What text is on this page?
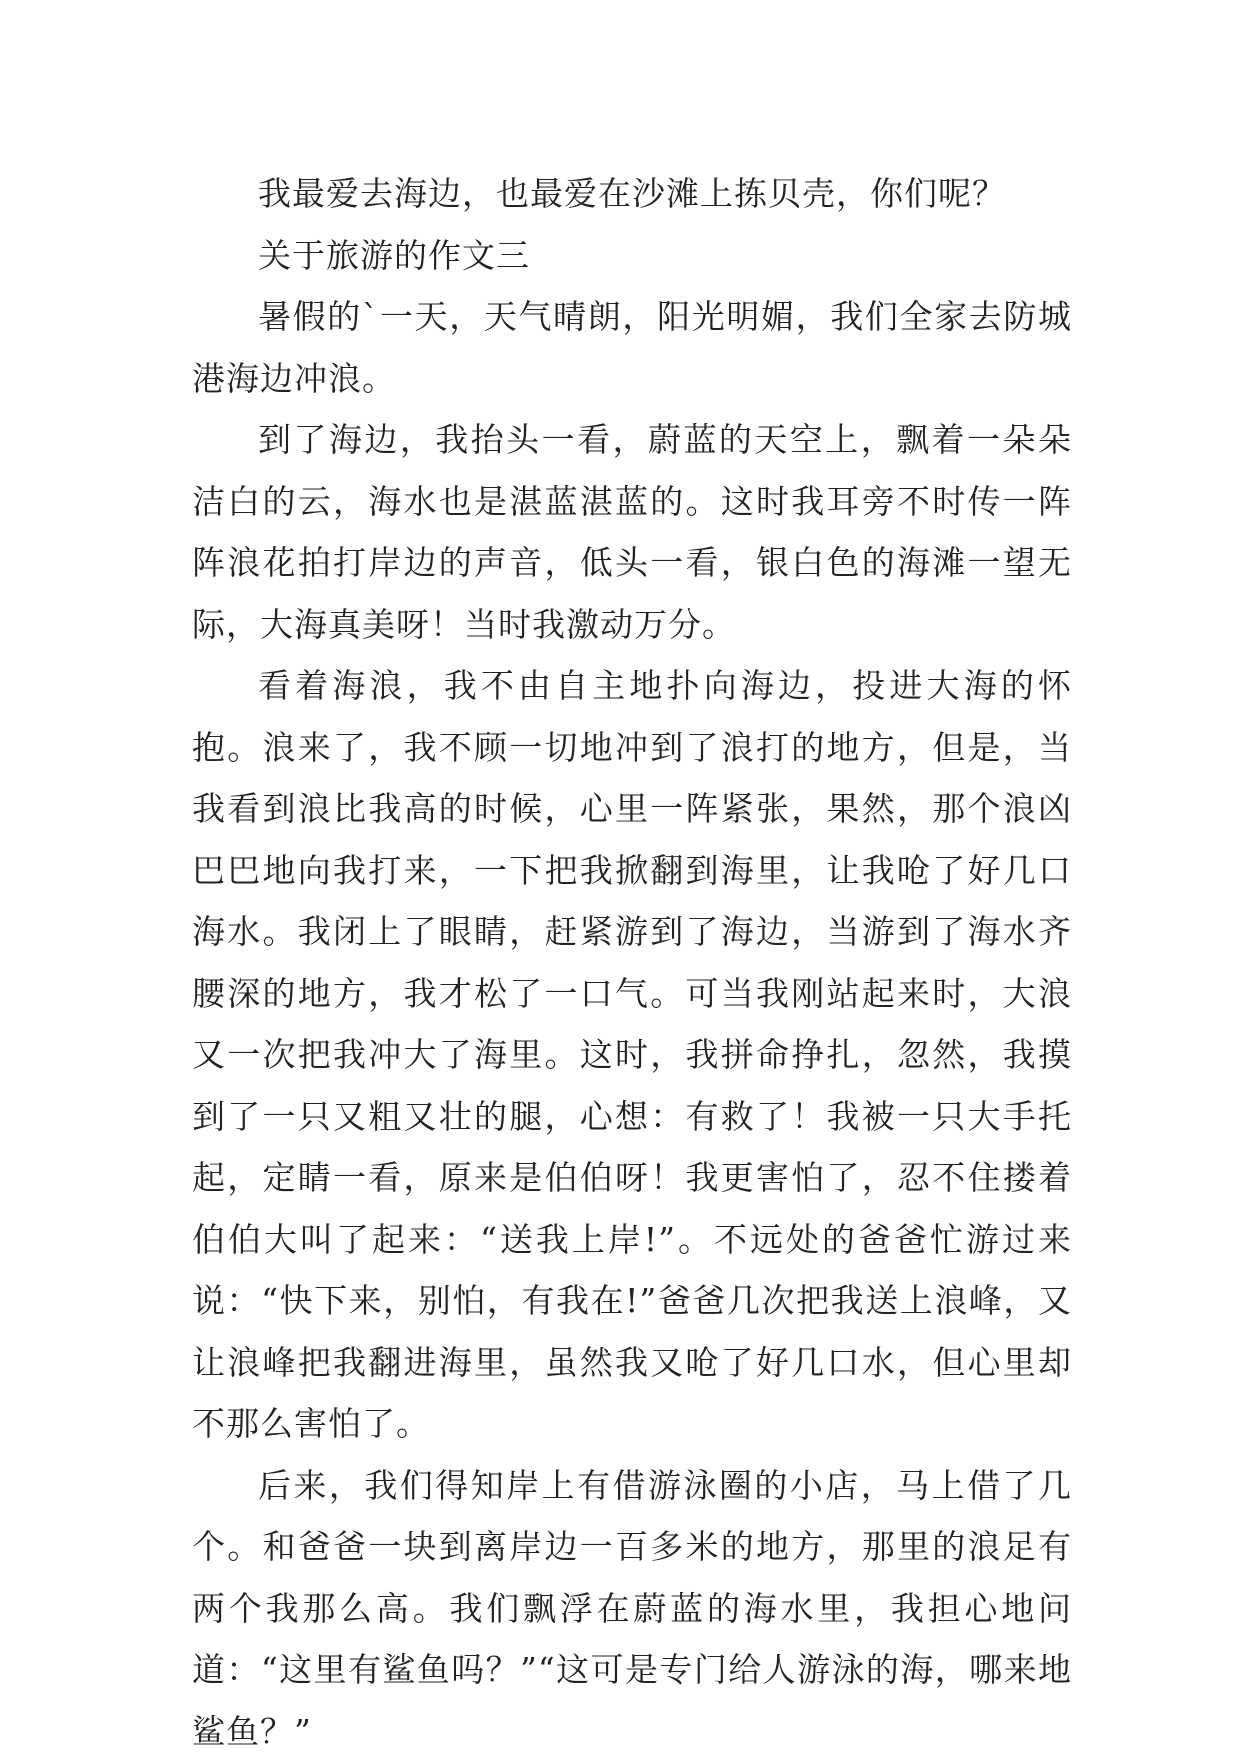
我最爱去海边，也最爱在沙滩上拣贝壳，你们呢？

关于旅游的作文三

暑假的`一天，天气晴朗，阳光明媚，我们全家去防城港海边冲浪。

到了海边，我抬头一看，蔚蓝的天空上，飘着一朵朵洁白的云，海水也是湛蓝湛蓝的。这时我耳旁不时传一阵阵浪花拍打岸边的声音，低头一看，银白色的海滩一望无际，大海真美呀！当时我激动万分。

看着海浪，我不由自主地扑向海边，投进大海的怀抱。浪来了，我不顾一切地冲到了浪打的地方，但是，当我看到浪比我高的时候，心里一阵紧张，果然，那个浪凶巴巴地向我打来，一下把我掀翻到海里，让我呛了好几口海水。我闭上了眼睛，赶紧游到了海边，当游到了海水齐腰深的地方，我才松了一口气。可当我刚站起来时，大浪又一次把我冲大了海里。这时，我拼命挣扎，忽然，我摸到了一只又粗又壮的腿，心想：有救了！我被一只大手托起，定睛一看，原来是伯伯呀！我更害怕了，忍不住搂着伯伯大叫了起来：“送我上岸!”。不远处的爸爸忙游过来说：“快下来，别怕，有我在!”爸爸几次把我送上浪峰，又让浪峰把我翻进海里，虽然我又呛了好几口水，但心里却不那么害怕了。

后来，我们得知岸上有借游泳圈的小店，马上借了几个。和爸爸一块到离岸边一百多米的地方，那里的浪足有两个我那么高。我们飘浮在蔚蓝的海水里，我担心地问道：“这里有鲨鱼吗？”“这可是专门给人游泳的海，哪来地鲨鱼？”
